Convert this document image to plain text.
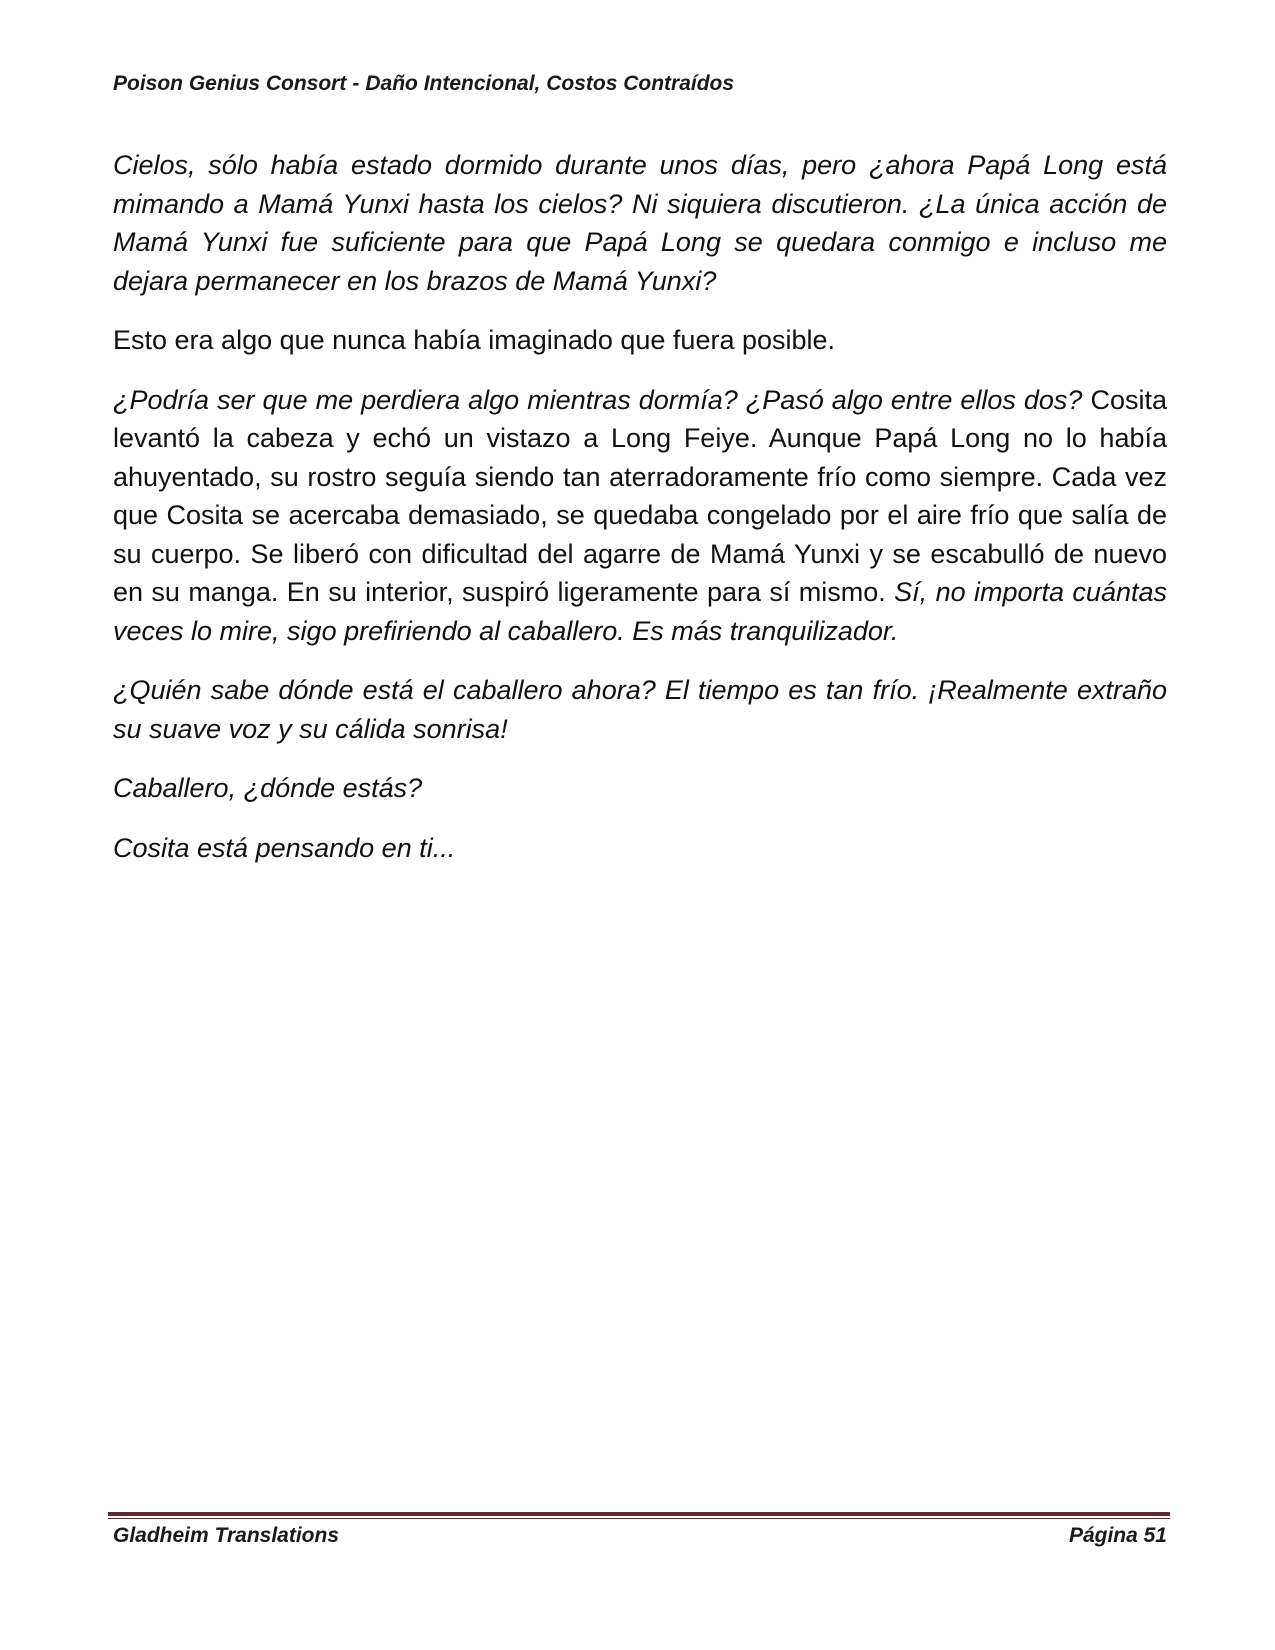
Poison Genius Consort - Daño Intencional, Costos Contraídos

Cielos, sólo había estado dormido durante unos días, pero ¿ahora Papá Long está mimando a Mamá Yunxi hasta los cielos? Ni siquiera discutieron. ¿La única acción de Mamá Yunxi fue suficiente para que Papá Long se quedara conmigo e incluso me dejara permanecer en los brazos de Mamá Yunxi?

Esto era algo que nunca había imaginado que fuera posible.

¿Podría ser que me perdiera algo mientras dormía? ¿Pasó algo entre ellos dos? Cosita levantó la cabeza y echó un vistazo a Long Feiye. Aunque Papá Long no lo había ahuyentado, su rostro seguía siendo tan aterradoramente frío como siempre. Cada vez que Cosita se acercaba demasiado, se quedaba congelado por el aire frío que salía de su cuerpo. Se liberó con dificultad del agarre de Mamá Yunxi y se escabulló de nuevo en su manga. En su interior, suspiró ligeramente para sí mismo. Sí, no importa cuántas veces lo mire, sigo prefiriendo al caballero. Es más tranquilizador.

¿Quién sabe dónde está el caballero ahora? El tiempo es tan frío. ¡Realmente extraño su suave voz y su cálida sonrisa!

Caballero, ¿dónde estás?

Cosita está pensando en ti...

Gladheim Translations	Página 51
